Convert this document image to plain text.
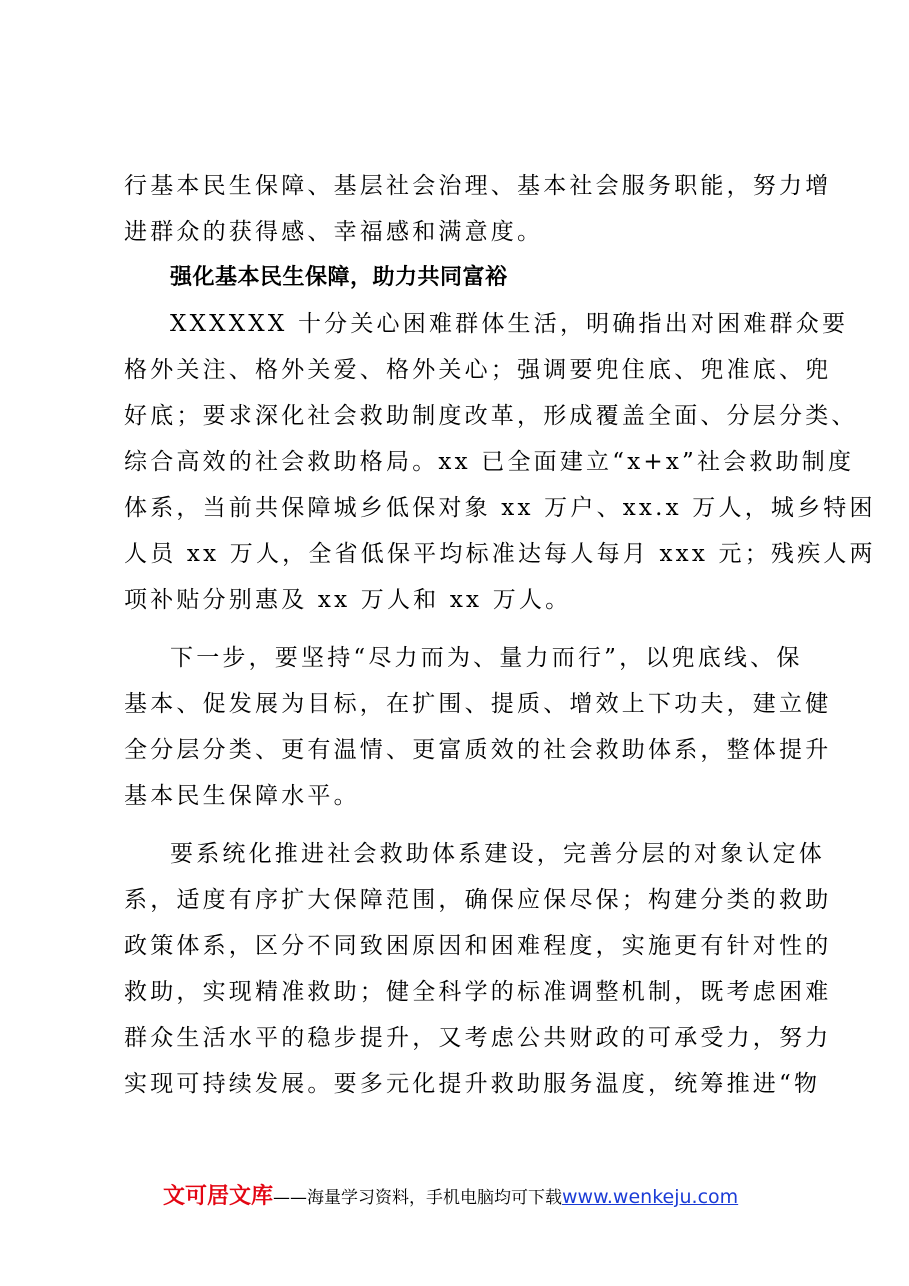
行基本民生保障、基层社会治理、基本社会服务职能，努力增
进群众的获得感、幸福感和满意度。

强化基本民生保障，助力共同富裕

XXXXXX 十分关心困难群体生活，明确指出对困难群众要
格外关注、格外关爱、格外关心；强调要兜住底、兜准底、兜
好底；要求深化社会救助制度改革，形成覆盖全面、分层分类、
综合高效的社会救助格局。xx 已全面建立“x+x”社会救助制度
体系，当前共保障城乡低保对象 xx 万户、xx.x 万人，城乡特困
人员 xx 万人，全省低保平均标准达每人每月 xxx 元；残疾人两
项补贴分别惠及 xx 万人和 xx 万人。

下一步，要坚持“尽力而为、量力而行”，以兜底线、保
基本、促发展为目标，在扩围、提质、增效上下功夫，建立健
全分层分类、更有温情、更富质效的社会救助体系，整体提升
基本民生保障水平。

要系统化推进社会救助体系建设，完善分层的对象认定体
系，适度有序扩大保障范围，确保应保尽保；构建分类的救助
政策体系，区分不同致困原因和困难程度，实施更有针对性的
救助，实现精准救助；健全科学的标准调整机制，既考虑困难
群众生活水平的稳步提升，又考虑公共财政的可承受力，努力
实现可持续发展。要多元化提升救助服务温度，统筹推进“物

文可居文库——海量学习资料，手机电脑均可下载www.wenkeju.com
